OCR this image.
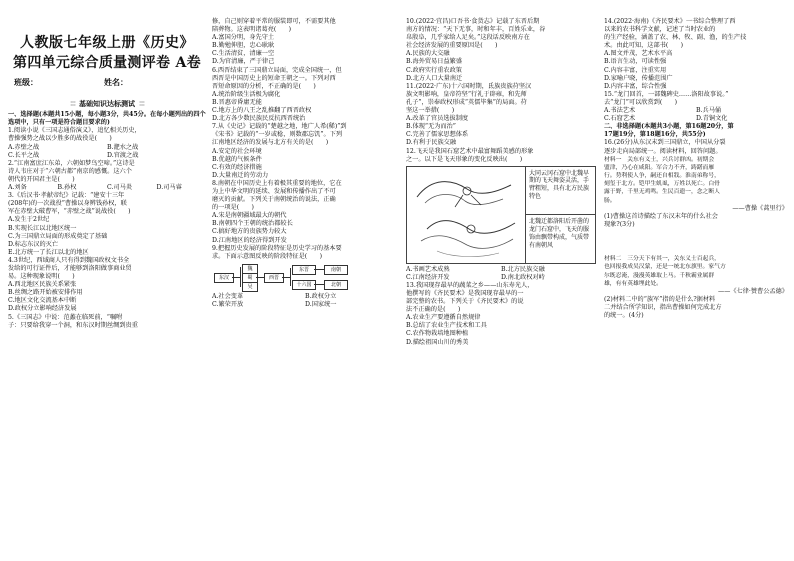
人教版七年级上册《历史》
第四单元综合质量测评卷 A卷
班级：	姓名：
∶∶∶∶∶∶ 基础知识达标测试 ∶∶∶∶∶∶

一、选择题(本题共15小题，每小题3分，共45分。在每小题列出的四个选项中，只有一项是符合题目要求的)

1.阅读小说《三国志通俗演义》，追忆相关历史，

曹操强势之战以少胜多的战役是(　　)

A.赤壁之战	B.淝水之战
C.长平之战	D.官渡之战

2.“江南富庶江东弟，六朝如梦鸟空啼。”这诗是

诗人韦庄对于“六朝古都”南京的感慨。这六个

朝代的开国君主是(　　)

A.刘备	B.孙权	C.司马炎	D.司马睿

3.《后汉书·孝献帝纪》记载：“建安十三年

(208年)的一次战役”曹操以身辨钱孙权，联

军在赤壁大破曹军，“赤壁之战”说战役(　　)

A.发生于2世纪
B.实现长江以北地区统一
C.为三国鼎立局面的形成奠定了基础
D.标志东汉的灭亡
E.北方统一了长江以北的地区

4.3世纪，西域商人只有得到魏国政权文书全

发给的可行证件后，才能够到洛阳做事商业贸

易。这种现象说明(　　)

A.西北地区民族关系紧张
B.丝绸之路开始被安排作用
C.地区文化交流基本中断
D.政权分立影响经济发展

5.《三国志》中说：范蠡在临死前，“嘱咐

子：只要给我穿一个洞，和东汉时期丝绸到贵重

修，自己则穿着平常的服装即可，不需要其他

陪葬物。这表明诸葛亮(　　)

A.富国分明，身先守土
B.勤勉伸胆，忠心耿耿
C.生活清贫，清廉一空
D.为官清廉，严于律己

6.西晋结束了三国鼎立局面，完成全国统一，但

西晋是中国历史上的短命王朝之一。下列对西

晋短命原因的分析，不正确的是(　　)

A.统治阶级生活极为腐化
B.晋惠帝昏庸无能
C.地方上的八王之乱推翻了西晋政权
D.北方各少数民族民反抗西晋统治

7.从《史记》记载的“楚越之地，地广人希(稀)”到

《宋书》记载的“一岁或稔，则数郡忘饥”。下列

江南地区经济的发展与北方有关的是(　　)

A.安定的社会环境
B.优越的气候条件
C.有效的经济措施
D.大量南迁的劳动力

8.南朝在中国历史上有着极其重要的地位，它在

为上中华文明的延续、发展和传播作出了不可

磨灭的贡献。下列关于南朝统治的说法，正确

的一项是(　　)

A.宋是南朝疆域最大的朝代
B.南朝四个王朝的统治都较长
C.搞好地方的贵族势力较大
D.江南地区的经济得到开发

9.把握历史发展的阶段特征是历史学习的基本要

求。下面示意图反映的阶段特征是(　　)

东汉
魏
蜀
吴
西晋
东晋
十六国
南朝
北朝
A.社会变革	B.政权分立
C.繁荣开放	D.国家统一

10.(2022·宜昌)口吾书·食货志》记载了东晋后期

南方的情况：“天下无事，时和年丰，百姓乐业，谷

帛殷阜，几乎家给人足矣。”这段话反映南方在

社会经济发展的重要原因是(　　)

A.民族的大交融
B.海外贸易日益繁盛
C.政府实行重农政策
D.北方人口大量南迁

11.(2022·广东)十六国时期，氐族贵族苻坚汉

族文明影响，皇帝符坚“行礼于辟雍，和先师

孔子”，崇奉政权形成“英儒毕集”的局面。苻

坚这一举措(　　)

A.改革了官员选拔制度
B.体现“无为而治”
C.完善了儒家思想体系
D.有利于民族交融

12.飞天是我国石窟艺术中最富舞蹈美感的形象

之一。以下是飞天形象的变化反映出(　　)

大同云冈石窟中北魏早期的飞天舞姿灵活，手臂粗短，具有北方民族特色
北魏迁都洛阳后开凿的龙门石窟中，飞天的服饰由飘带构成，气质带有南朝风
A.书画艺术成熟	B.北方民族交融
C.江南经济开发	D.南北政权对峙

13.我国现存最早的蔬菜之乡——山东寿光人，

他撰写的《齐民要术》是我国现存最早的一

部完整的农书。下列关于《齐民要术》的说

法不正确的是(　　)

A.农业生产要遵循自然规律
B.总结了农业生产技术和工具
C.农作物栽培地图种植
D.描绘祖国山川的秀美

14.(2022·海南)《齐民要术》一书综合整理了西

以来的农书科学文献，记述了当时农业的

的生产经验，涵盖了农、林、牧、副、渔，的生产技

术。由此可知，这部书(　　)

A.图文并茂，艺术水平高
B.语言生动，可读性强
C.内容丰富，注重实用
D.家喻户晓，传播范围广
D.内容丰富，综合性强

15.“龙门回首，一部魏碑史……洛阳故事说。”

去“龙门”可以欣赏到(　　)

A.书法艺术	B.兵马俑
C.石窟艺术	D.青铜文化

二、非选择题(本题共3小题，第16题20分，第

17题19分，第18题16分，共55分)

16.(26分)从东汉末到三国鼎立，中国从分裂

逐步走向局部统一。阅读材料，回答问题。

材料一　关东有义士，兴兵讨群凶。初期会
盟津，乃心在咸阳。军合力不齐，踌躇而雁
行。势利使人争，嗣还自相戕。淮南弟称号，
刻玺于北方。铠甲生虮虱，万姓以死亡。白骨
露于野，千里无鸡鸣。生民百遗一，念之断人
肠。
——曹操《蒿里行》

(1)曹操这首诗描绘了东汉末年的什么社会

现象?(3分)

材料二　三分天下有其一，关东义士百起兵，
也回报我成吴汉蒙，还是一统北东旗里。家气方
尔既忍淹，漫漫英雄取上马。千秋霸业属群
雄，有有英雄埋此处。
——《七律·赞曹公孟德》

(2)材料二中的“族军”指的是什么?据材料

二并结合所学知识，指出曹操如何完成北方

的统一。(4分)
